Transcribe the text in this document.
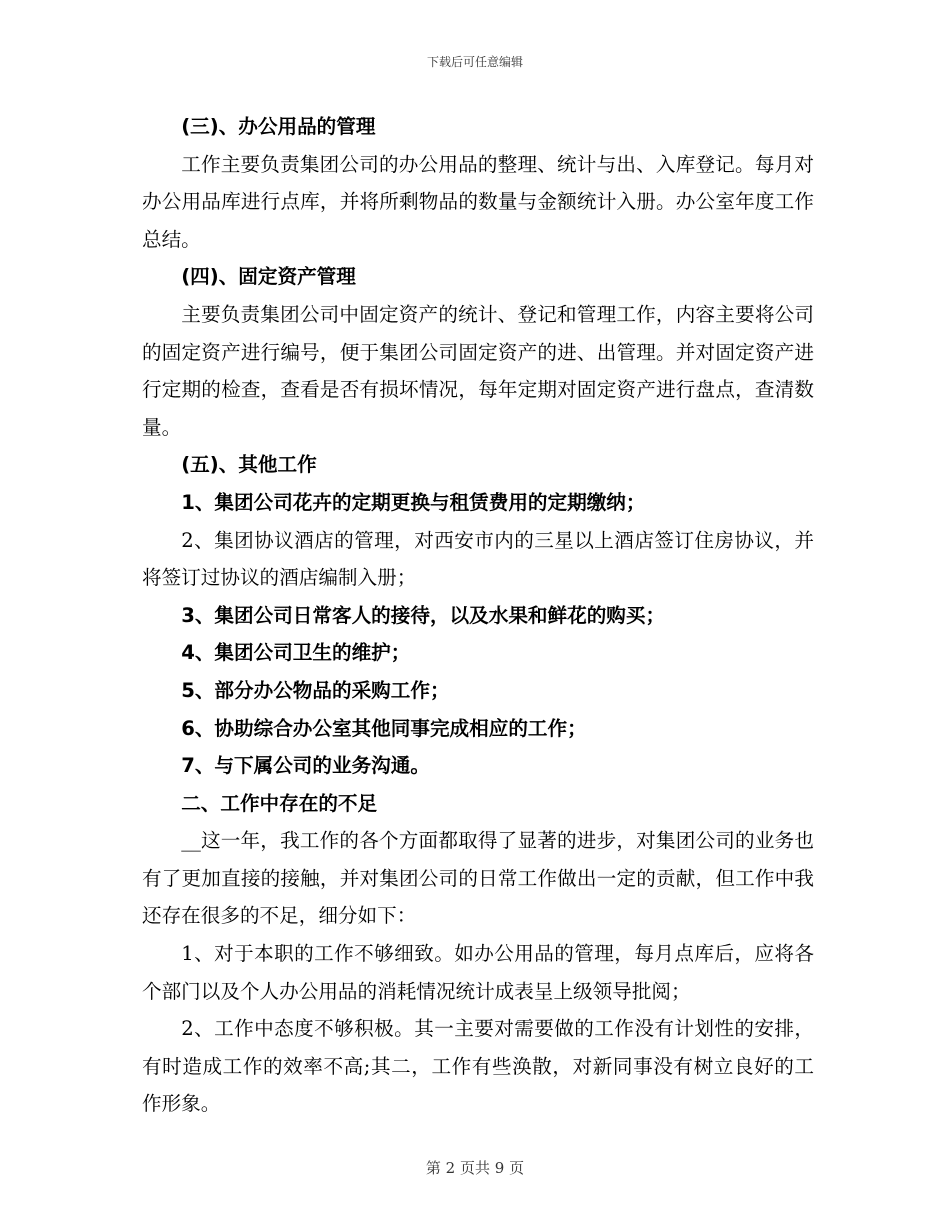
下载后可任意编辑

(三)、办公用品的管理

工作主要负责集团公司的办公用品的整理、统计与出、入库登记。每月对办公用品库进行点库，并将所剩物品的数量与金额统计入册。办公室年度工作总结。

(四)、固定资产管理

主要负责集团公司中固定资产的统计、登记和管理工作，内容主要将公司的固定资产进行编号，便于集团公司固定资产的进、出管理。并对固定资产进行定期的检查，查看是否有损坏情况，每年定期对固定资产进行盘点，查清数量。

(五)、其他工作

1、集团公司花卉的定期更换与租赁费用的定期缴纳；

2、集团协议酒店的管理，对西安市内的三星以上酒店签订住房协议，并将签订过协议的酒店编制入册；

3、集团公司日常客人的接待，以及水果和鲜花的购买；

4、集团公司卫生的维护；

5、部分办公物品的采购工作；

6、协助综合办公室其他同事完成相应的工作；

7、与下属公司的业务沟通。

二、工作中存在的不足

__这一年，我工作的各个方面都取得了显著的进步，对集团公司的业务也有了更加直接的接触，并对集团公司的日常工作做出一定的贡献，但工作中我还存在很多的不足，细分如下：

1、对于本职的工作不够细致。如办公用品的管理，每月点库后，应将各个部门以及个人办公用品的消耗情况统计成表呈上级领导批阅；

2、工作中态度不够积极。其一主要对需要做的工作没有计划性的安排，有时造成工作的效率不高;其二，工作有些涣散，对新同事没有树立良好的工作形象。

第 2 页共 9 页
